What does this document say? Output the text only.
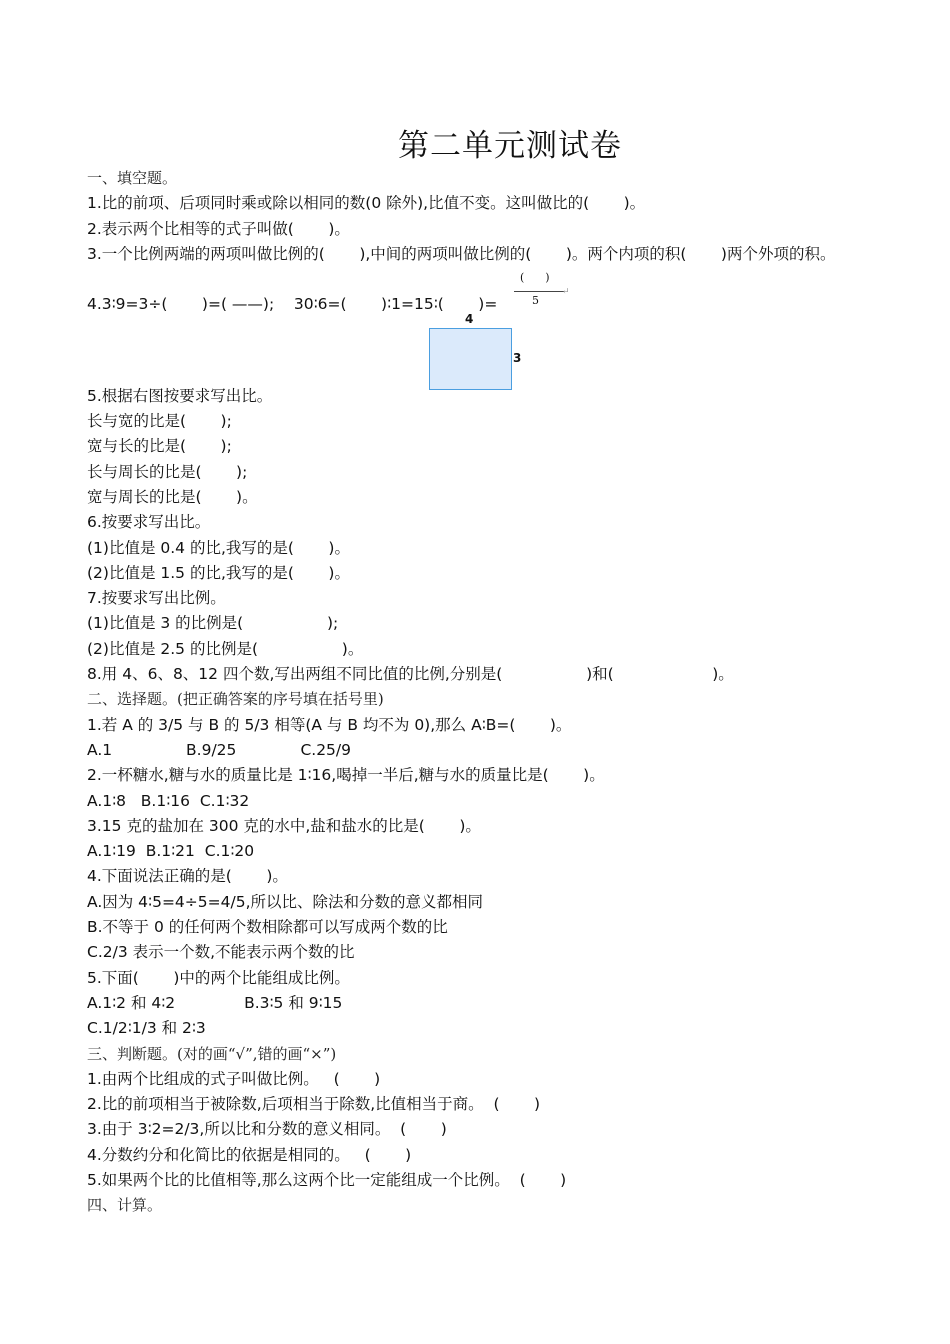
第二单元测试卷
一、填空题。
1.比的前项、后项同时乘或除以相同的数(0 除外),比值不变。这叫做比的(       )。
2.表示两个比相等的式子叫做(       )。
3.一个比例两端的两项叫做比例的(       ),中间的两项叫做比例的(       )。两个内项的积(       )两个外项的积。
4.3∶9=3÷(       )=( ——);    30∶6=(       )∶1=15∶(       )=
5.根据右图按要求写出比。
长与宽的比是(       );
宽与长的比是(       );
长与周长的比是(       );
宽与周长的比是(       )。
6.按要求写出比。
(1)比值是 0.4 的比,我写的是(       )。
(2)比值是 1.5 的比,我写的是(       )。
7.按要求写出比例。
(1)比值是 3 的比例是(                 );
(2)比值是 2.5 的比例是(                 )。
8.用 4、6、8、12 四个数,写出两组不同比值的比例,分别是(                 )和(                    )。
二、选择题。(把正确答案的序号填在括号里)
1.若 A 的 3/5 与 B 的 5/3 相等(A 与 B 均不为 0),那么 A∶B=(       )。
A.1               B.9/25             C.25/9
2.一杯糖水,糖与水的质量比是 1∶16,喝掉一半后,糖与水的质量比是(       )。
A.1∶8   B.1∶16  C.1∶32
3.15 克的盐加在 300 克的水中,盐和盐水的比是(       )。
A.1∶19  B.1∶21  C.1∶20
4.下面说法正确的是(       )。
A.因为 4∶5=4÷5=4/5,所以比、除法和分数的意义都相同
B.不等于 0 的任何两个数相除都可以写成两个数的比
C.2/3 表示一个数,不能表示两个数的比
5.下面(       )中的两个比能组成比例。
A.1∶2 和 4∶2              B.3∶5 和 9∶15
C.1/2∶1/3 和 2∶3
三、判断题。(对的画“√”,错的画“×”)
1.由两个比组成的式子叫做比例。   (       )
2.比的前项相当于被除数,后项相当于除数,比值相当于商。  (       )
3.由于 3∶2=2/3,所以比和分数的意义相同。  (       )
4.分数约分和化简比的依据是相同的。   (       )
5.如果两个比的比值相等,那么这两个比一定能组成一个比例。  (       )
四、计算。
(      )
5
↵
4
3
